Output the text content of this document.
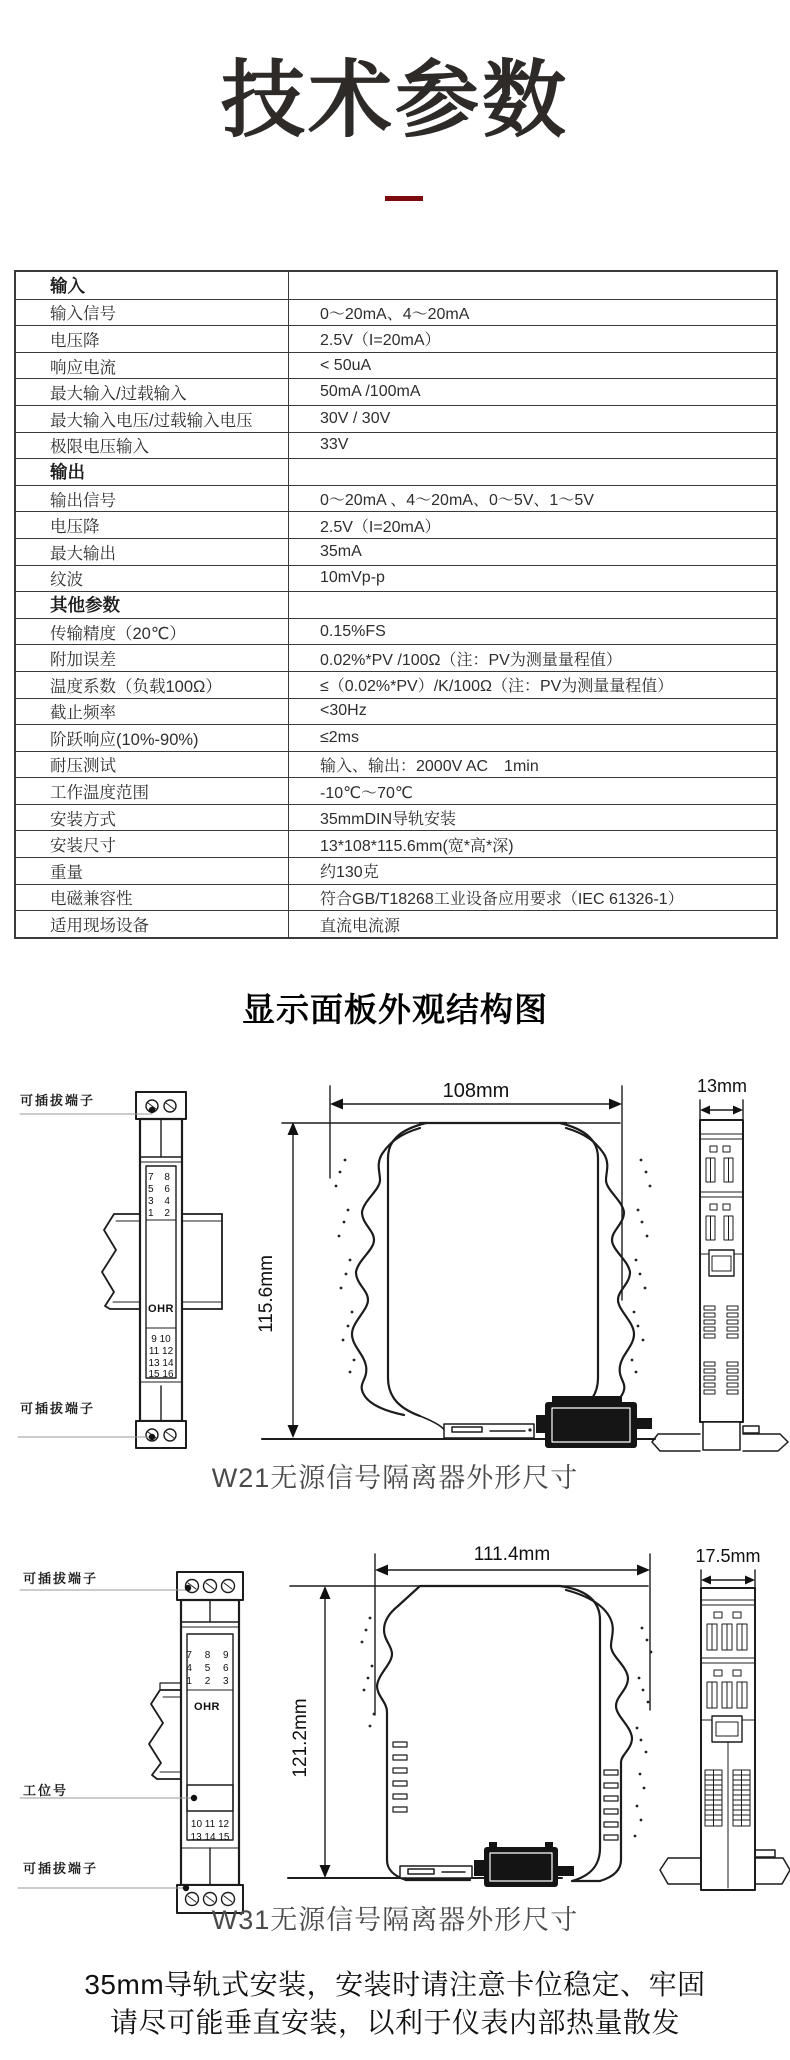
技术参数
输入
输入信号	0～20mA、4～20mA
电压降	2.5V（I=20mA）
响应电流	< 50uA
最大输入/过载输入	50mA /100mA
最大输入电压/过载输入电压	30V / 30V
极限电压输入	33V
输出
输出信号	0～20mA 、4～20mA、0～5V、1～5V
电压降	2.5V（I=20mA）
最大输出	35mA
纹波	10mVp-p
其他参数
传输精度（20℃）	0.15%FS
附加误差	0.02%*PV /100Ω（注：PV为测量量程值）
温度系数（负载100Ω）	≤（0.02%*PV）/K/100Ω（注：PV为测量量程值）
截止频率	<30Hz
阶跃响应(10%-90%)	≤2ms
耐压测试	输入、输出：2000V AC　1min
工作温度范围	-10℃～70℃
安装方式	35mmDIN导轨安装
安装尺寸	13*108*115.6mm(宽*高*深)
重量	约130克
电磁兼容性	符合GB/T18268工业设备应用要求（IEC 61326-1）
适用现场设备	直流电流源
显示面板外观结构图
可插拔端子
可插拔端子
108mm
115.6mm
13mm
7 8
5 6
3 4
1 2
9 10
11 12
13 14
15 16
OHR
W21无源信号隔离器外形尺寸
可插拔端子
工位号
可插拔端子
111.4mm
121.2mm
17.5mm
7 8 9
4 5 6
1 2 3
10 11 12
13 14 15
OHR
W31无源信号隔离器外形尺寸
35mm导轨式安装，安装时请注意卡位稳定、牢固
请尽可能垂直安装，以利于仪表内部热量散发
